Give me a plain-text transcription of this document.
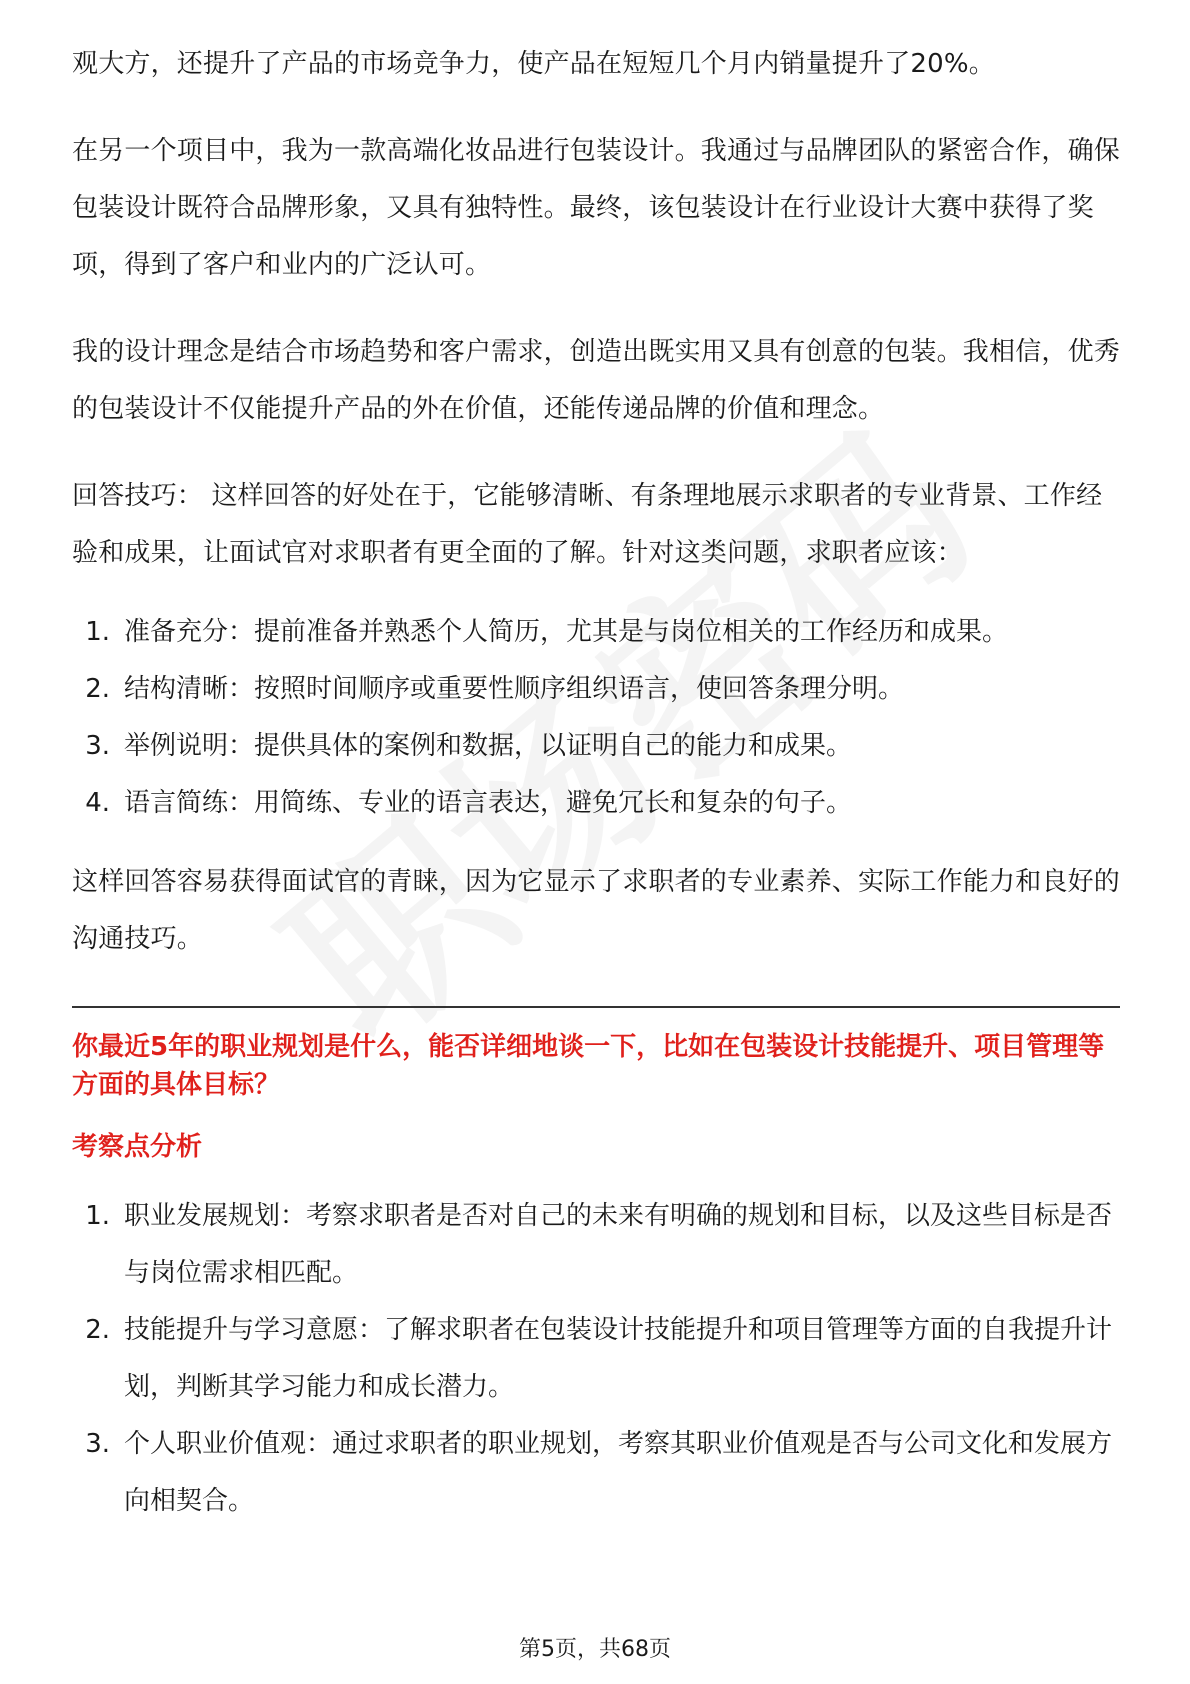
观大方，还提升了产品的市场竞争力，使产品在短短几个月内销量提升了20%。

在另一个项目中，我为一款高端化妆品进行包装设计。我通过与品牌团队的紧密合作，确保包装设计既符合品牌形象，又具有独特性。最终，该包装设计在行业设计大赛中获得了奖项，得到了客户和业内的广泛认可。

我的设计理念是结合市场趋势和客户需求，创造出既实用又具有创意的包装。我相信，优秀的包装设计不仅能提升产品的外在价值，还能传递品牌的价值和理念。

回答技巧： 这样回答的好处在于，它能够清晰、有条理地展示求职者的专业背景、工作经验和成果，让面试官对求职者有更全面的了解。针对这类问题，求职者应该：

1. 准备充分：提前准备并熟悉个人简历，尤其是与岗位相关的工作经历和成果。
2. 结构清晰：按照时间顺序或重要性顺序组织语言，使回答条理分明。
3. 举例说明：提供具体的案例和数据，以证明自己的能力和成果。
4. 语言简练：用简练、专业的语言表达，避免冗长和复杂的句子。

这样回答容易获得面试官的青睐，因为它显示了求职者的专业素养、实际工作能力和良好的沟通技巧。

你最近5年的职业规划是什么，能否详细地谈一下，比如在包装设计技能提升、项目管理等方面的具体目标？

考察点分析

1. 职业发展规划：考察求职者是否对自己的未来有明确的规划和目标，以及这些目标是否与岗位需求相匹配。
2. 技能提升与学习意愿：了解求职者在包装设计技能提升和项目管理等方面的自我提升计划，判断其学习能力和成长潜力。
3. 个人职业价值观：通过求职者的职业规划，考察其职业价值观是否与公司文化和发展方向相契合。
第5页，共68页
